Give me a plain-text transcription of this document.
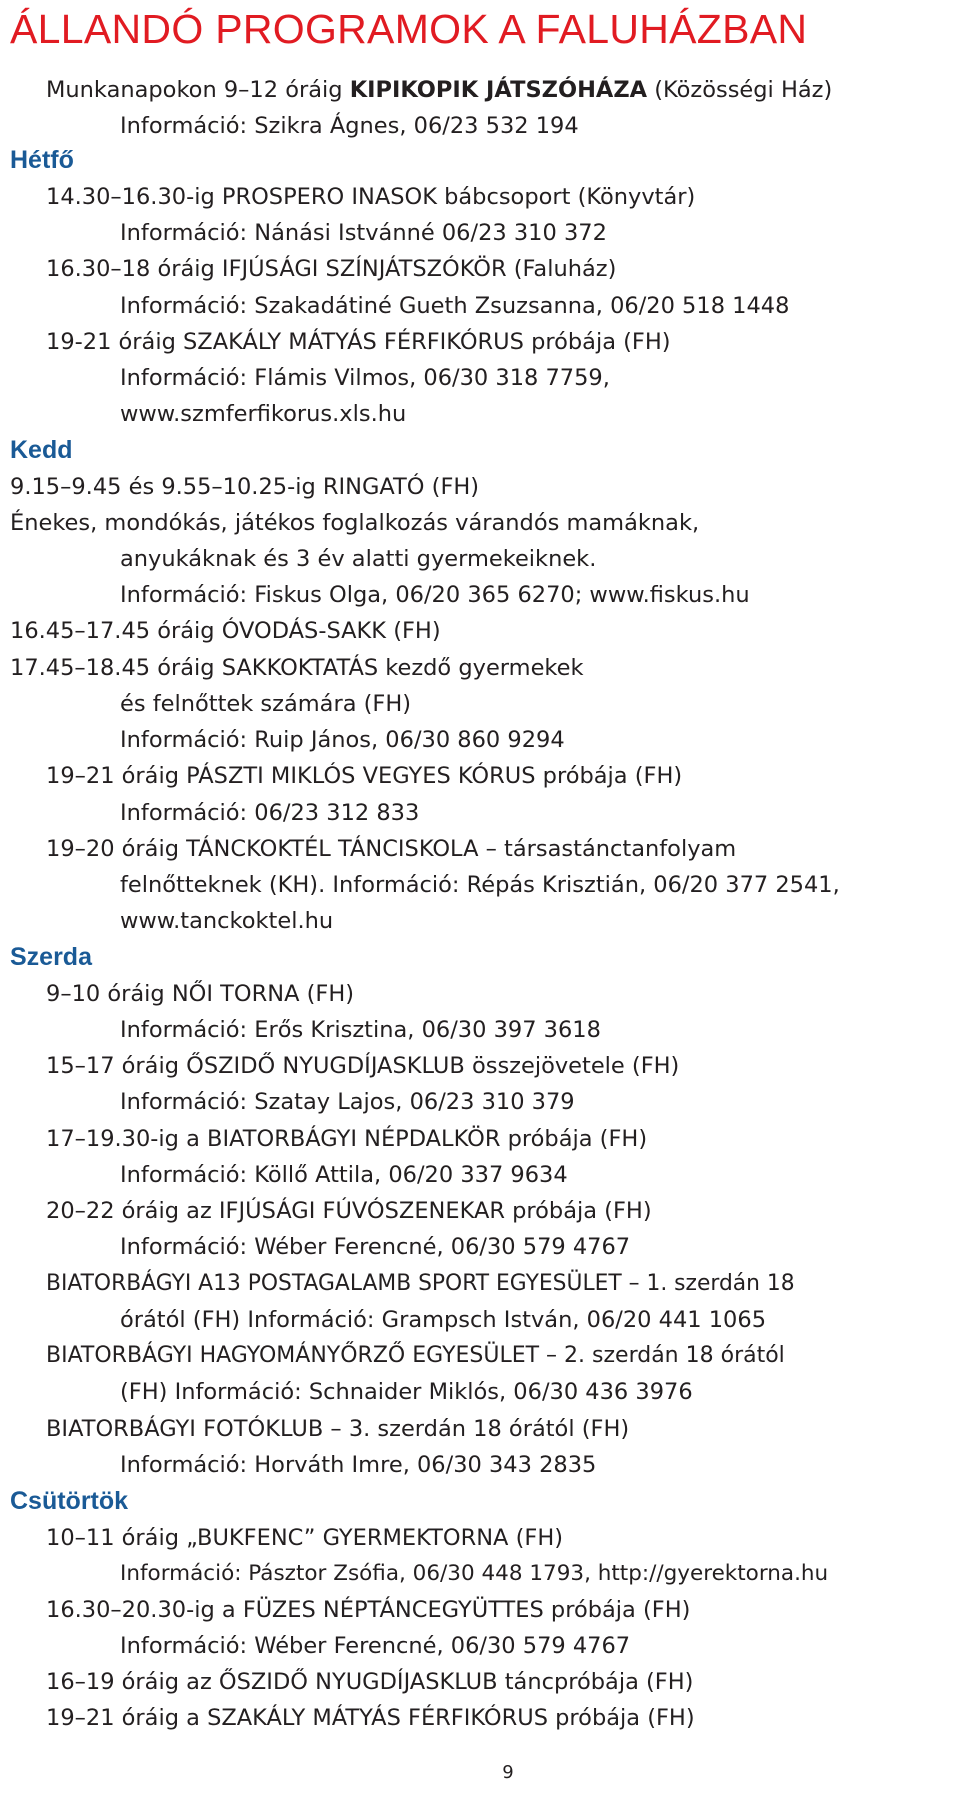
ÁLLANDÓ PROGRAMOK A FALUHÁZBAN
Munkanapokon 9–12 óráig KIPIKOPIK JÁTSZÓHÁZA (Közösségi Ház)
Információ: Szikra Ágnes, 06/23 532 194
Hétfő
14.30–16.30-ig PROSPERO INASOK bábcsoport (Könyvtár)
Információ: Nánási Istvánné 06/23 310 372
16.30–18 óráig IFJÚSÁGI SZÍNJÁTSZÓKÖR (Faluház)
Információ: Szakadátiné Gueth Zsuzsanna, 06/20 518 1448
19-21 óráig SZAKÁLY MÁTYÁS FÉRFIKÓRUS próbája (FH)
Információ: Flámis Vilmos, 06/30 318 7759,
www.szmferfikorus.xls.hu
Kedd
9.15–9.45 és 9.55–10.25-ig RINGATÓ (FH)
Énekes, mondókás, játékos foglalkozás várandós mamáknak,
anyukáknak és 3 év alatti gyermekeiknek.
Információ: Fiskus Olga, 06/20 365 6270; www.fiskus.hu
16.45–17.45 óráig ÓVODÁS-SAKK (FH)
17.45–18.45 óráig SAKKOKTATÁS kezdő gyermekek
és felnőttek számára (FH)
Információ: Ruip János, 06/30 860 9294
19–21 óráig PÁSZTI MIKLÓS VEGYES KÓRUS próbája (FH)
Információ: 06/23 312 833
19–20 óráig TÁNCKOKTÉL TÁNCISKOLA – társastánctanfolyam
felnőtteknek (KH). Információ: Répás Krisztián, 06/20 377 2541,
www.tanckoktel.hu
Szerda
9–10 óráig NŐI TORNA (FH)
Információ: Erős Krisztina, 06/30 397 3618
15–17 óráig ŐSZIDŐ NYUGDÍJASKLUB összejövetele (FH)
Információ: Szatay Lajos, 06/23 310 379
17–19.30-ig a BIATORBÁGYI NÉPDALKÖR próbája (FH)
Információ: Köllő Attila, 06/20 337 9634
20–22 óráig az IFJÚSÁGI FÚVÓSZENEKAR próbája (FH)
Információ: Wéber Ferencné, 06/30 579 4767
BIATORBÁGYI A13 POSTAGALAMB SPORT EGYESÜLET – 1. szerdán 18
órától (FH) Információ: Grampsch István, 06/20 441 1065
BIATORBÁGYI HAGYOMÁNYŐRZŐ EGYESÜLET – 2. szerdán 18 órától
(FH) Információ: Schnaider Miklós, 06/30 436 3976
BIATORBÁGYI FOTÓKLUB – 3. szerdán 18 órától (FH)
Információ: Horváth Imre, 06/30 343 2835
Csütörtök
10–11 óráig „BUKFENC” GYERMEKTORNA (FH)
Információ: Pásztor Zsófia, 06/30 448 1793, http://gyerektorna.hu
16.30–20.30-ig a FÜZES NÉPTÁNCEGYÜTTES próbája (FH)
Információ: Wéber Ferencné, 06/30 579 4767
16–19 óráig az ŐSZIDŐ NYUGDÍJASKLUB táncpróbája (FH)
19–21 óráig a SZAKÁLY MÁTYÁS FÉRFIKÓRUS próbája (FH)
9
